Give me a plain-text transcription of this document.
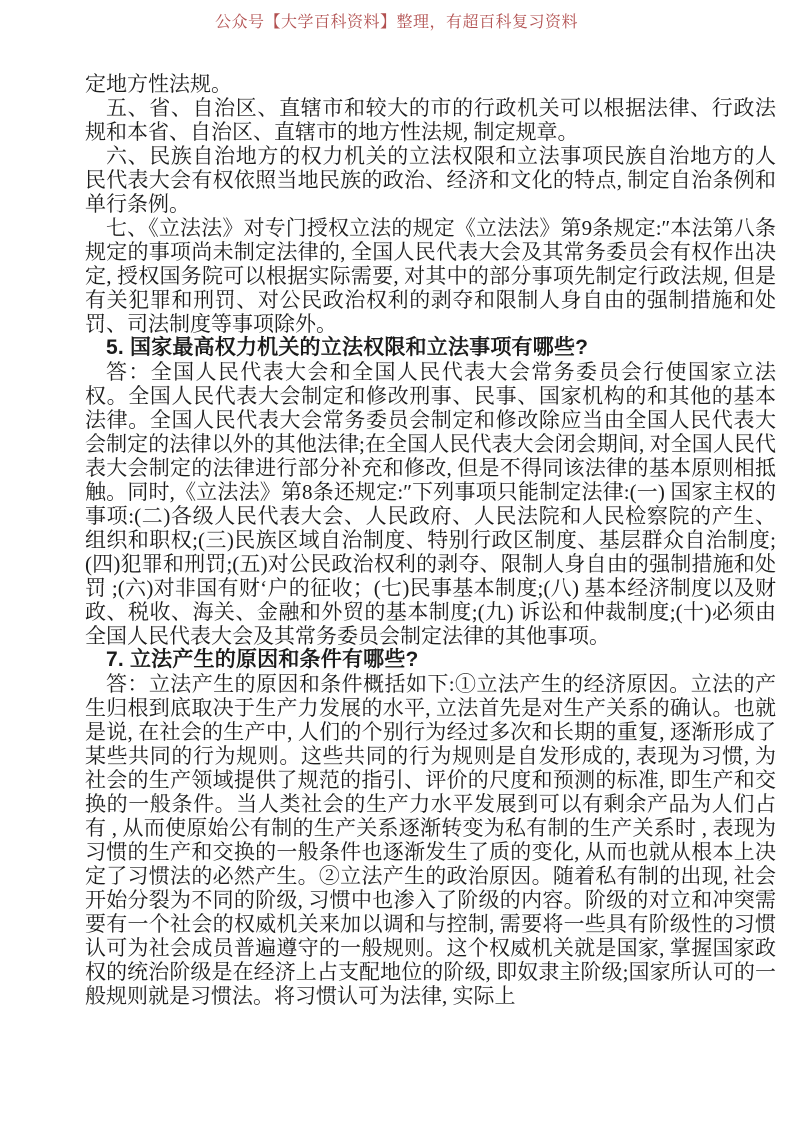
公众号【大学百科资料】整理，有超百科复习资料

定地方性法规。

五、省、自治区、直辖市和较大的市的行政机关可以根据法律、行政法规和本省、自治区、直辖市的地方性法规, 制定规章。

六、民族自治地方的权力机关的立法权限和立法事项民族自治地方的人民代表大会有权依照当地民族的政治、经济和文化的特点, 制定自治条例和单行条例。

七、《立法法》对专门授权立法的规定《立法法》第9条规定:″本法第八条规定的事项尚未制定法律的, 全国人民代表大会及其常务委员会有权作出决定, 授权国务院可以根据实际需要, 对其中的部分事项先制定行政法规, 但是有关犯罪和刑罚、对公民政治权利的剥夺和限制人身自由的强制措施和处罚、司法制度等事项除外。

5. 国家最高权力机关的立法权限和立法事项有哪些?

答：全国人民代表大会和全国人民代表大会常务委员会行使国家立法权。全国人民代表大会制定和修改刑事、民事、国家机构的和其他的基本法律。全国人民代表大会常务委员会制定和修改除应当由全国人民代表大会制定的法律以外的其他法律;在全国人民代表大会闭会期间, 对全国人民代表大会制定的法律进行部分补充和修改, 但是不得同该法律的基本原则相抵触。同时,《立法法》第8条还规定:″下列事项只能制定法律:(一) 国家主权的事项:(二)各级人民代表大会、人民政府、人民法院和人民检察院的产生、组织和职权;(三)民族区域自治制度、特别行政区制度、基层群众自治制度;(四)犯罪和刑罚;(五)对公民政治权利的剥夺、限制人身自由的强制措施和处罚 ;(六)对非国有财‘户的征收；(七)民事基本制度;(八) 基本经济制度以及财政、税收、海关、金融和外贸的基本制度;(九) 诉讼和仲裁制度;(十)必须由全国人民代表大会及其常务委员会制定法律的其他事项。

7. 立法产生的原因和条件有哪些?

答：立法产生的原因和条件概括如下:①立法产生的经济原因。立法的产生归根到底取决于生产力发展的水平, 立法首先是对生产关系的确认。也就是说, 在社会的生产中, 人们的个别行为经过多次和长期的重复, 逐渐形成了某些共同的行为规则。这些共同的行为规则是自发形成的, 表现为习惯, 为社会的生产领域提供了规范的指引、评价的尺度和预测的标准, 即生产和交换的一般条件。当人类社会的生产力水平发展到可以有剩余产品为人们占有 , 从而使原始公有制的生产关系逐渐转变为私有制的生产关系时 , 表现为习惯的生产和交换的一般条件也逐渐发生了质的变化, 从而也就从根本上决定了习惯法的必然产生。②立法产生的政治原因。随着私有制的出现, 社会开始分裂为不同的阶级, 习惯中也渗入了阶级的内容。阶级的对立和冲突需要有一个社会的权威机关来加以调和与控制, 需要将一些具有阶级性的习惯认可为社会成员普遍遵守的一般规则。这个权威机关就是国家, 掌握国家政权的统治阶级是在经济上占支配地位的阶级, 即奴隶主阶级;国家所认可的一般规则就是习惯法。将习惯认可为法律, 实际上
